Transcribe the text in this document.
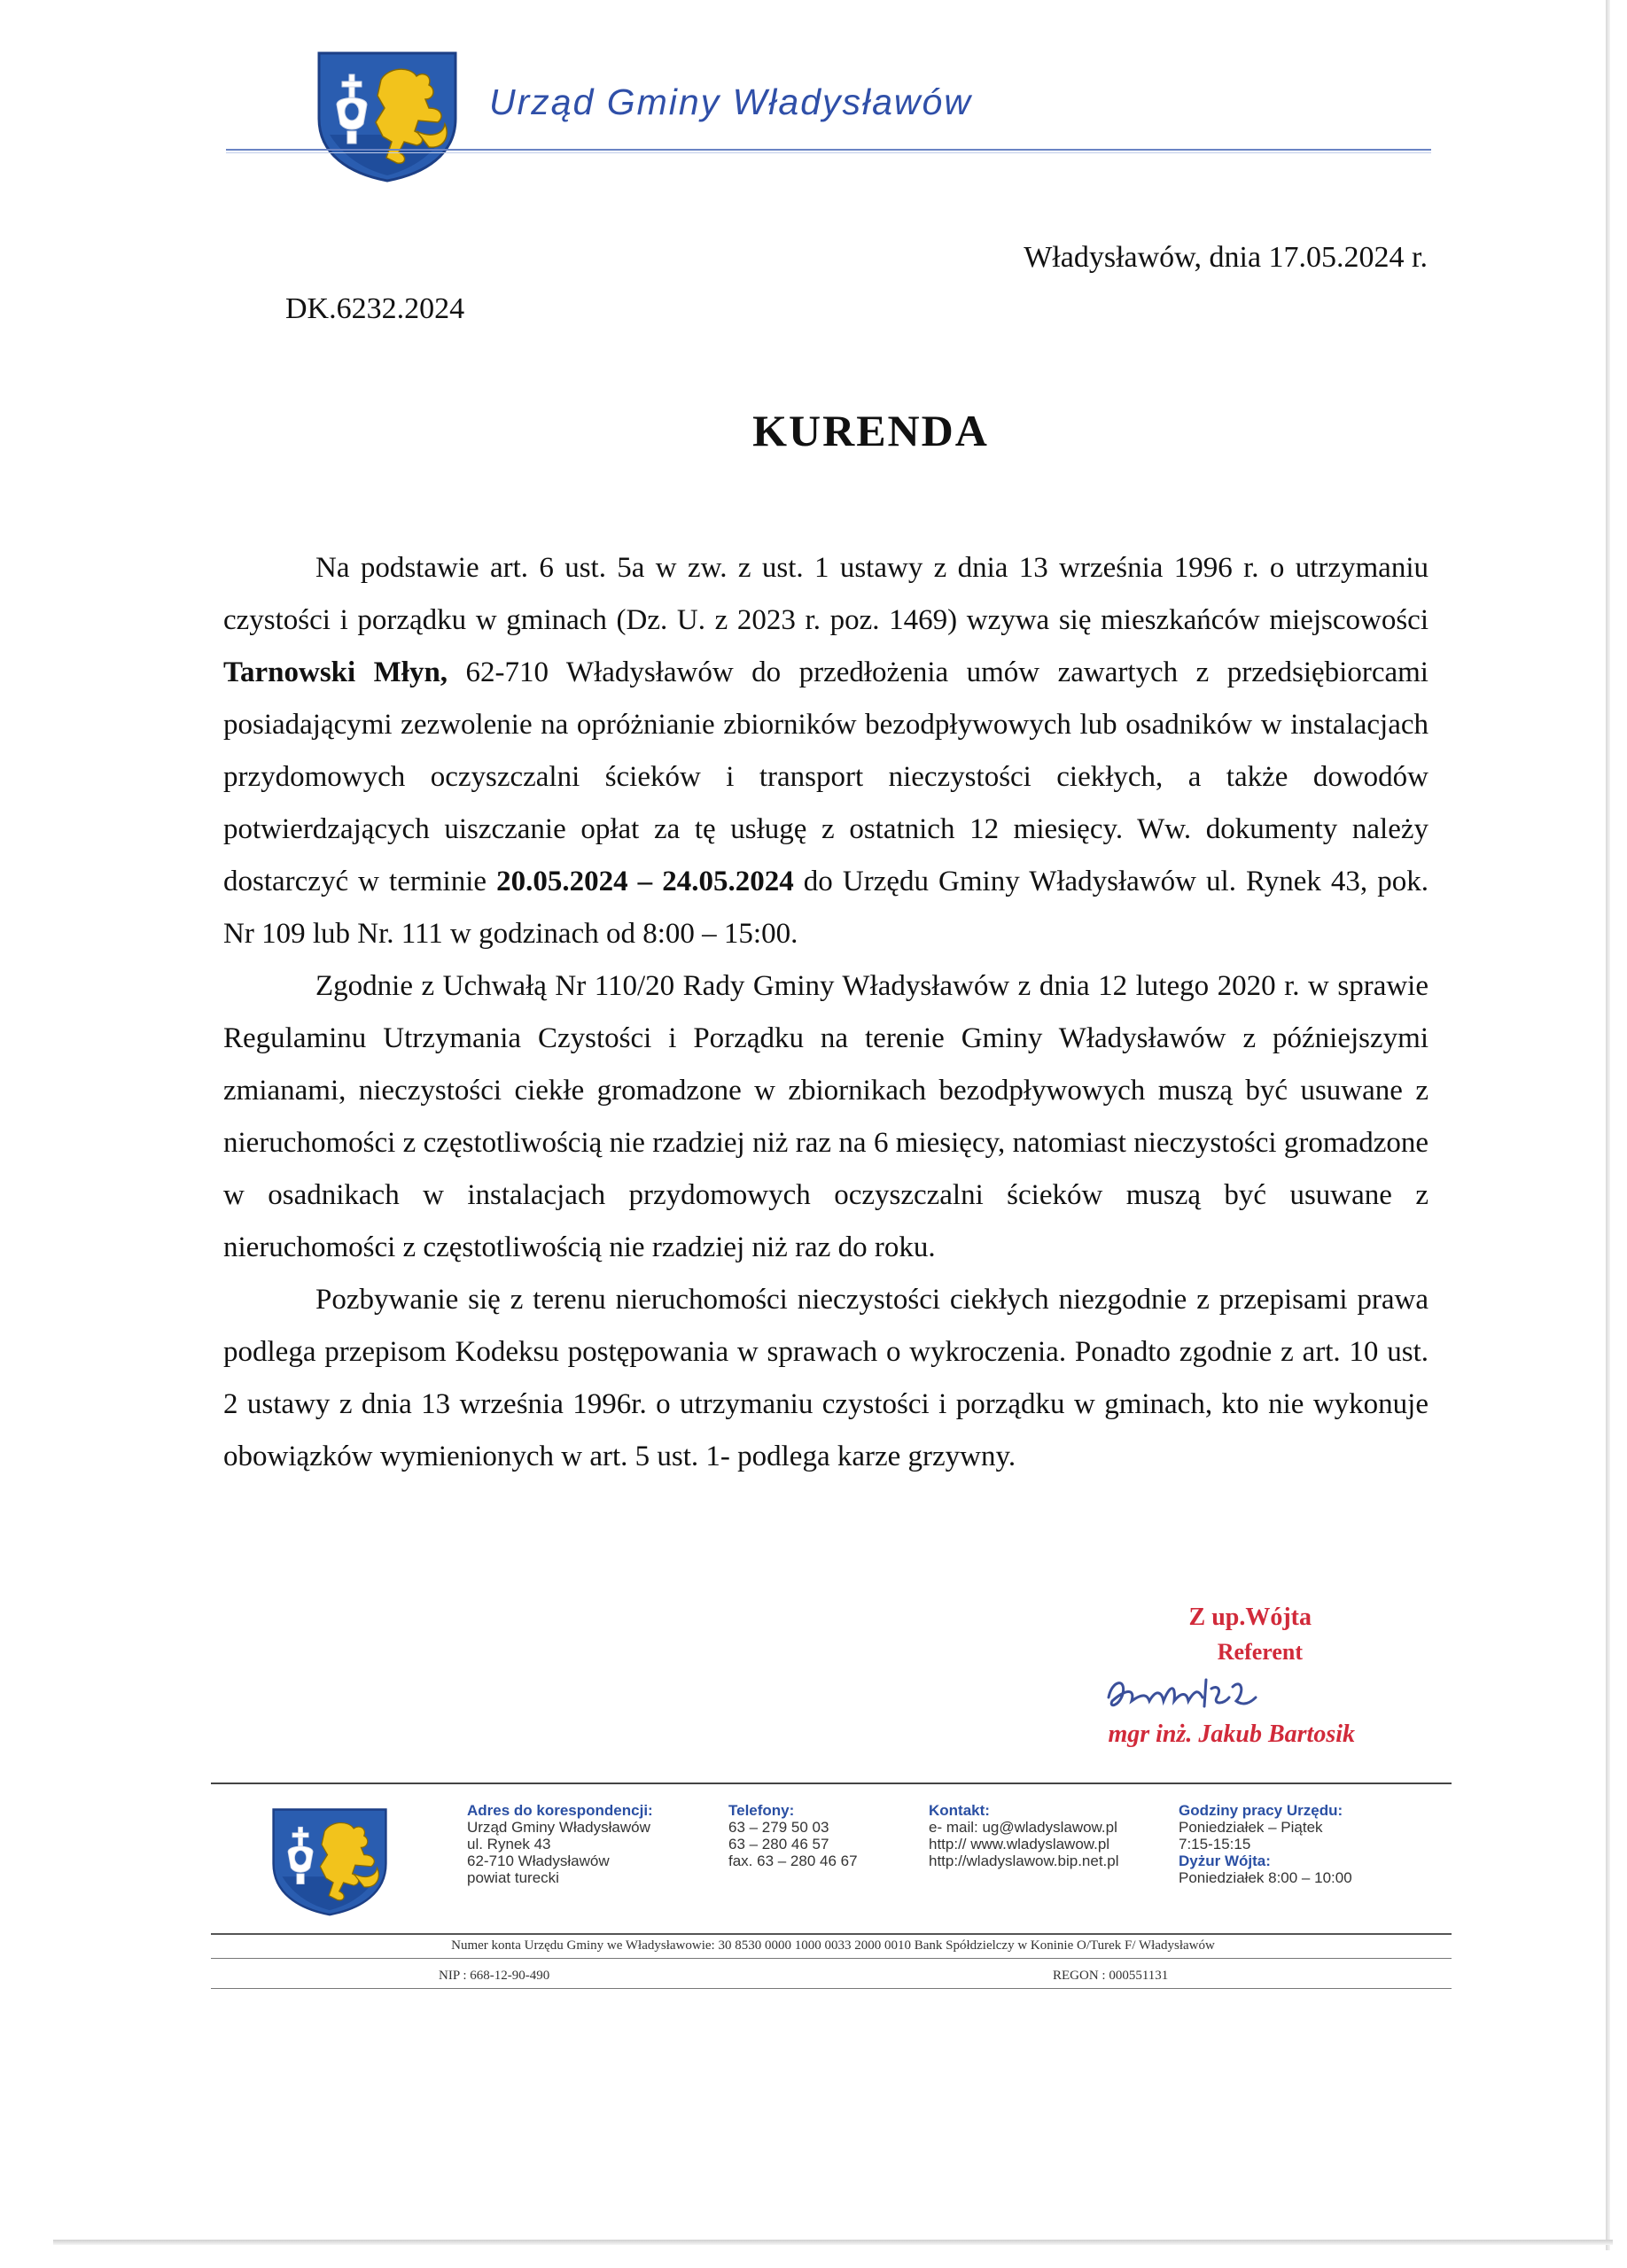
Urząd Gminy Władysławów
Władysławów, dnia 17.05.2024 r.
DK.6232.2024
KURENDA

Na podstawie art. 6 ust. 5a w zw. z ust. 1 ustawy z dnia 13 września 1996 r. o utrzymaniu czystości i porządku w gminach (Dz. U. z 2023 r. poz. 1469) wzywa się mieszkańców miejscowości Tarnowski Młyn, 62-710 Władysławów do przedłożenia umów zawartych z przedsiębiorcami posiadającymi zezwolenie na opróżnianie zbiorników bezodpływowych lub osadników w instalacjach przydomowych oczyszczalni ścieków i transport nieczystości ciekłych, a także dowodów potwierdzających uiszczanie opłat za tę usługę z ostatnich 12 miesięcy. Ww. dokumenty należy dostarczyć w terminie 20.05.2024 – 24.05.2024 do Urzędu Gminy Władysławów ul. Rynek 43, pok. Nr 109 lub Nr. 111 w godzinach od 8:00 – 15:00.

Zgodnie z Uchwałą Nr 110/20 Rady Gminy Władysławów z dnia 12 lutego 2020 r. w sprawie Regulaminu Utrzymania Czystości i Porządku na terenie Gminy Władysławów z późniejszymi zmianami, nieczystości ciekłe gromadzone w zbiornikach bezodpływowych muszą być usuwane z nieruchomości z częstotliwością nie rzadziej niż raz na 6 miesięcy, natomiast nieczystości gromadzone w osadnikach w instalacjach przydomowych oczyszczalni ścieków muszą być usuwane z nieruchomości z częstotliwością nie rzadziej niż raz do roku.

Pozbywanie się z terenu nieruchomości nieczystości ciekłych niezgodnie z przepisami prawa podlega przepisom Kodeksu postępowania w sprawach o wykroczenia. Ponadto zgodnie z art. 10 ust. 2 ustawy z dnia 13 września 1996r. o utrzymaniu czystości i porządku w gminach, kto nie wykonuje obowiązków wymienionych w art. 5 ust. 1- podlega karze grzywny.

Z up.Wójta
Referent
mgr inż. Jakub Bartosik
Adres do korespondencji:
Urząd Gminy Władysławów
ul. Rynek 43
62-710 Władysławów
powiat turecki
Telefony:
63 – 279 50 03
63 – 280 46 57
fax. 63 – 280 46 67
Kontakt:
e- mail: ug@wladyslawow.pl
http:// www.wladyslawow.pl
http://wladyslawow.bip.net.pl
Godziny pracy Urzędu:
Poniedziałek – Piątek
7:15-15:15
Dyżur Wójta:
Poniedziałek 8:00 – 10:00
Numer konta Urzędu Gminy we Władysławowie: 30 8530 0000 1000 0033 2000 0010 Bank Spółdzielczy w Koninie O/Turek F/ Władysławów
NIP : 668-12-90-490	REGON : 000551131
